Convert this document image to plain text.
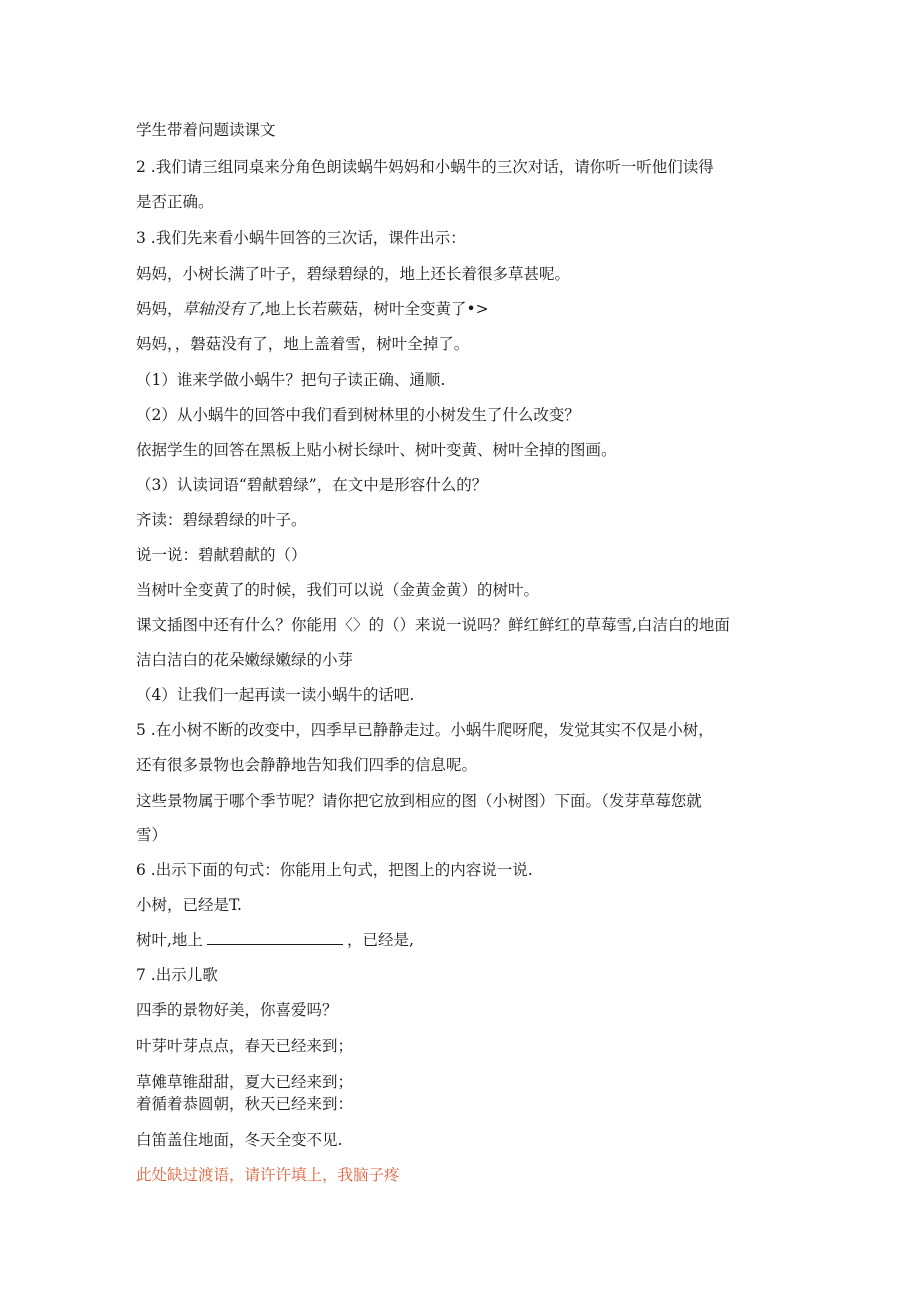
学生带着问题读课文
2 .我们请三组同桌来分角色朗读蜗牛妈妈和小蜗牛的三次对话，请你听一听他们读得
是否正确。
3 .我们先来看小蜗牛回答的三次话，课件出示：
妈妈，小树长满了叶子，碧绿碧绿的，地上还长着很多草甚呢。
妈妈，草轴没有了,地上长若蕨菇，树叶全变黄了•>
妈妈，，磐菇没有了，地上盖着雪，树叶全掉了。
（1）谁来学做小蜗牛？把句子读正确、通顺.
（2）从小蜗牛的回答中我们看到树林里的小树发生了什么改变？
依据学生的回答在黑板上贴小树长绿叶、树叶变黄、树叶全掉的图画。
（3）认读词语“碧献碧绿”，在文中是形容什么的？
齐读：碧绿碧绿的叶子。
说一说：碧献碧献的（）
当树叶全变黄了的时候，我们可以说（金黄金黄）的树叶。
课文插图中还有什么？你能用〈〉的（）来说一说吗？鲜红鲜红的草莓雪,白洁白的地面
洁白洁白的花朵嫩绿嫩绿的小芽
（4）让我们一起再读一读小蜗牛的话吧.
5 .在小树不断的改变中，四季早已静静走过。小蜗牛爬呀爬，发觉其实不仅是小树，
还有很多景物也会静静地告知我们四季的信息呢。
这些景物属于哪个季节呢？请你把它放到相应的图（小树图）下面。（发芽草莓您就
雪）
6 .出示下面的句式：你能用上句式，把图上的内容说一说.
小树，已经是T.
树叶,地上	，已经是,
7 .出示儿歌
四季的景物好美，你喜爱吗？
叶芽叶芽点点，春天已经来到；
草傩草锥甜甜，夏大已经来到；
着循着恭圆朝，秋天已经来到：
白笛盖住地面，冬天全变不见.
此处缺过渡语，请许许填上，我脑子疼
